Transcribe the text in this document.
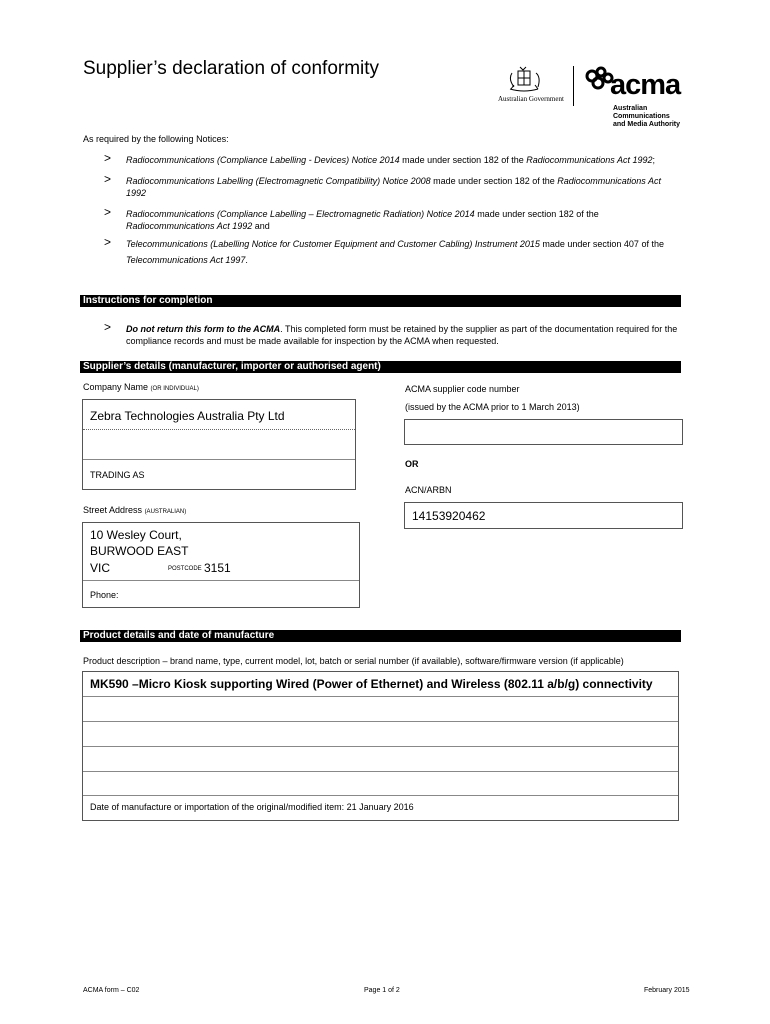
Supplier’s declaration of conformity
Australian Government acma
Australian
Communications
and Media Authority
As required by the following Notices:
> Radiocommunications (Compliance Labelling - Devices) Notice 2014 made under section 182 of the Radiocommunications Act 1992;
> Radiocommunications Labelling (Electromagnetic Compatibility) Notice 2008 made under section 182 of the Radiocommunications Act 1992
> Radiocommunications (Compliance Labelling – Electromagnetic Radiation) Notice 2014 made under section 182 of the Radiocommunications Act 1992 and
> Telecommunications (Labelling Notice for Customer Equipment and Customer Cabling) Instrument 2015 made under section 407 of the Telecommunications Act 1997.
Instructions for completion
> Do not return this form to the ACMA. This completed form must be retained by the supplier as part of the documentation required for the compliance records and must be made available for inspection by the ACMA when requested.
Supplier’s details (manufacturer, importer or authorised agent)
Company Name (OR INDIVIDUAL)
Zebra Technologies Australia Pty Ltd
TRADING AS
Street Address (AUSTRALIAN)
10 Wesley Court,
BURWOOD EAST
VIC	POSTCODE 3151
Phone:
ACMA supplier code number
(issued by the ACMA prior to 1 March 2013)
OR
ACN/ARBN
14153920462
Product details and date of manufacture
Product description – brand name, type, current model, lot, batch or serial number (if available), software/firmware version (if applicable)
MK590 –Micro Kiosk supporting Wired (Power of Ethernet) and Wireless (802.11 a/b/g) connectivity
Date of manufacture or importation of the original/modified item: 21 January 2016
ACMA form – C02	Page 1 of 2	February 2015
